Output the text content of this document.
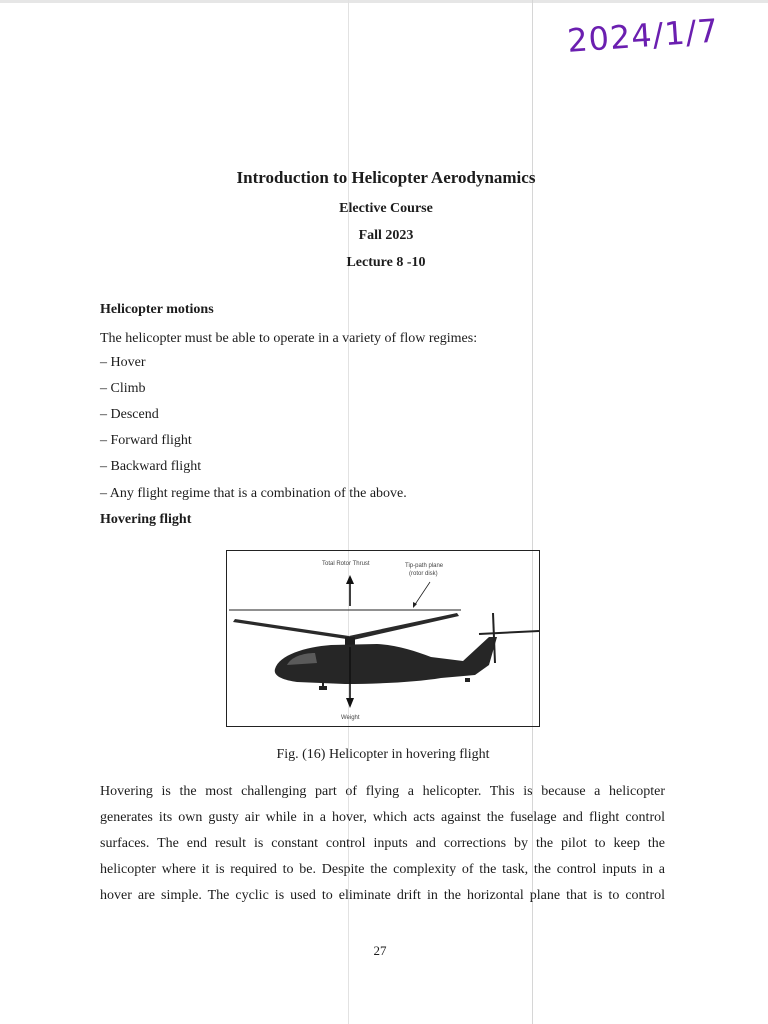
2024/1/7
Introduction to Helicopter Aerodynamics
Elective Course
Fall 2023
Lecture 8 -10
Helicopter motions
The helicopter must be able to operate in a variety of flow regimes:
– Hover
– Climb
– Descend
– Forward flight
– Backward flight
– Any flight regime that is a combination of the above.
Hovering flight
Total Rotor Thrust	Tip-path plane
(rotor disk)
Weight
Fig. (16) Helicopter in hovering flight

Hovering is the most challenging part of flying a helicopter. This is because a helicopter

generates its own gusty air while in a hover, which acts against the fuselage and flight control

surfaces. The end result is constant control inputs and corrections by the pilot to keep the

helicopter where it is required to be. Despite the complexity of the task, the control inputs in a

hover are simple. The cyclic is used to eliminate drift in the horizontal plane that is to control

27
